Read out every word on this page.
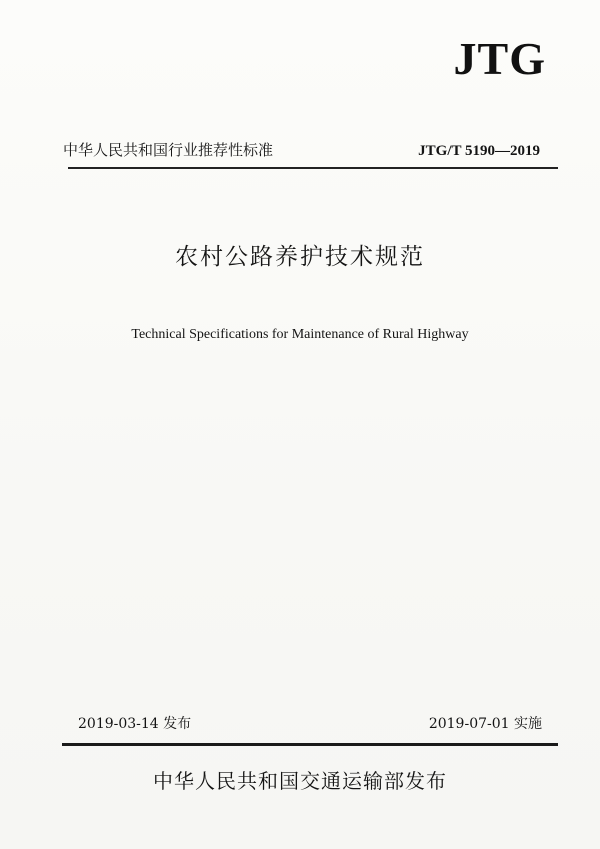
JTG
中华人民共和国行业推荐性标准	JTG/T 5190—2019
农村公路养护技术规范
Technical Specifications for Maintenance of Rural Highway
2019-03-14 发布	2019-07-01 实施
中华人民共和国交通运输部发布
